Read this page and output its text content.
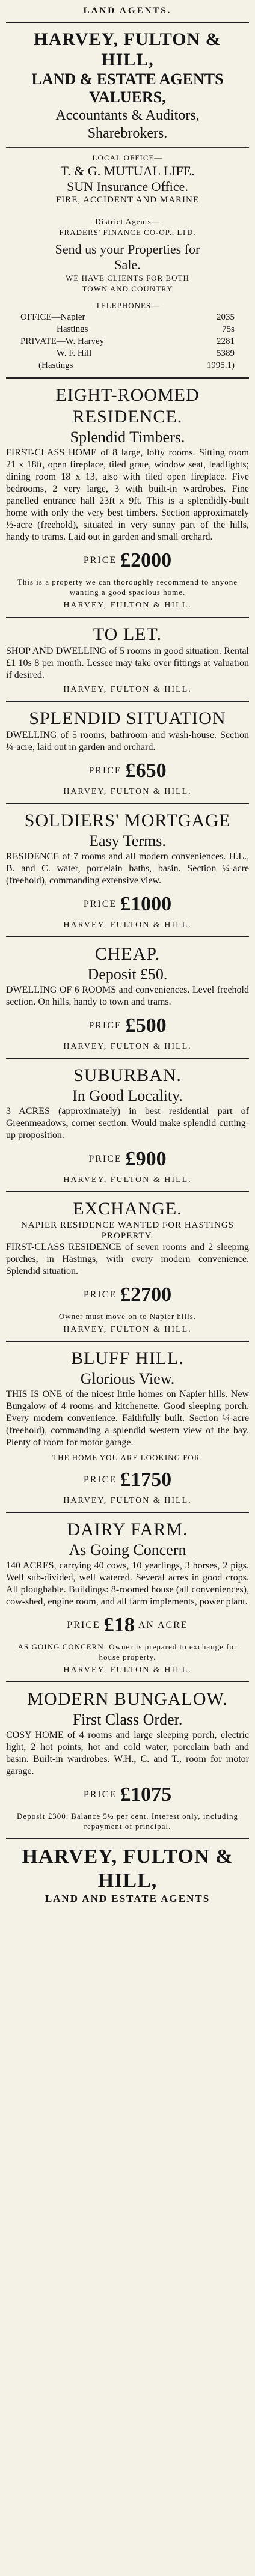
LAND AGENTS.
HARVEY, FULTON &
HILL,
LAND & ESTATE AGENTS
VALUERS,
Accountants & Auditors,
Sharebrokers.
LOCAL OFFICE—
T. & G. MUTUAL LIFE.
SUN Insurance Office.
FIRE, ACCIDENT AND MARINE
District Agents—
FRADERS' FINANCE CO-OP., LTD.
Send us your Properties for
Sale.
WE HAVE CLIENTS FOR BOTH
TOWN AND COUNTRY
TELEPHONES—
OFFICE—Napier	2035
Hastings	75s
PRIVATE—W. Harvey	2281
W. F. Hill	5389
(Hastings	1995.1)
EIGHT-ROOMED
RESIDENCE.
Splendid Timbers.
FIRST-CLASS HOME of 8 large, lofty rooms. Sitting room 21 x 18ft, open fireplace, tiled grate, window seat, leadlights; dining room 18 x 13, also with tiled open fireplace. Five bedrooms, 2 very large, 3 with built-in wardrobes. Fine panelled entrance hall 23ft x 9ft. This is a splendidly-built home with only the very best timbers. Section approximately ½-acre (freehold), situated in very sunny part of the hills, handy to trams. Laid out in garden and small orchard.
PRICE £2000
This is a property we can thoroughly recommend to anyone wanting a good spacious home.
HARVEY, FULTON & HILL.
TO LET.
SHOP AND DWELLING of 5 rooms in good situation. Rental £1 10s 8 per month. Lessee may take over fittings at valuation if desired.
HARVEY, FULTON & HILL.
SPLENDID SITUATION
DWELLING of 5 rooms, bathroom and wash-house. Section ¼-acre, laid out in garden and orchard.
PRICE £650
HARVEY, FULTON & HILL.
SOLDIERS' MORTGAGE
Easy Terms.
RESIDENCE of 7 rooms and all modern conveniences. H.L., B. and C. water, porcelain baths, basin. Section ¼-acre (freehold), commanding extensive view.
PRICE £1000
HARVEY, FULTON & HILL.
CHEAP.
Deposit £50.
DWELLING OF 6 ROOMS and conveniences. Level freehold section. On hills, handy to town and trams.
PRICE £500
HARVEY, FULTON & HILL.
SUBURBAN.
In Good Locality.
3 ACRES (approximately) in best residential part of Greenmeadows, corner section. Would make splendid cutting-up proposition.
PRICE £900
HARVEY, FULTON & HILL.
EXCHANGE.
NAPIER RESIDENCE WANTED FOR HASTINGS PROPERTY.
FIRST-CLASS RESIDENCE of seven rooms and 2 sleeping porches, in Hastings, with every modern convenience. Splendid situation.
PRICE £2700
Owner must move on to Napier hills.
HARVEY, FULTON & HILL.
BLUFF HILL.
Glorious View.
THIS IS ONE of the nicest little homes on Napier hills. New Bungalow of 4 rooms and kitchenette. Good sleeping porch. Every modern convenience. Faithfully built. Section ¼-acre (freehold), commanding a splendid western view of the bay. Plenty of room for motor garage.
THE HOME YOU ARE LOOKING FOR.
PRICE £1750
HARVEY, FULTON & HILL.
DAIRY FARM.
As Going Concern
140 ACRES, carrying 40 cows, 10 yearlings, 3 horses, 2 pigs. Well sub-divided, well watered. Several acres in good crops. All ploughable. Buildings: 8-roomed house (all conveniences), cow-shed, engine room, and all farm implements, power plant.
PRICE £18 AN ACRE
AS GOING CONCERN. Owner is prepared to exchange for house property.
HARVEY, FULTON & HILL.
MODERN BUNGALOW.
First Class Order.
COSY HOME of 4 rooms and large sleeping porch, electric light, 2 hot points, hot and cold water, porcelain bath and basin. Built-in wardrobes. W.H., C. and T., room for motor garage.
PRICE £1075
Deposit £300. Balance 5½ per cent. Interest only, including repayment of principal.
HARVEY, FULTON &
HILL,
LAND AND ESTATE AGENTS
